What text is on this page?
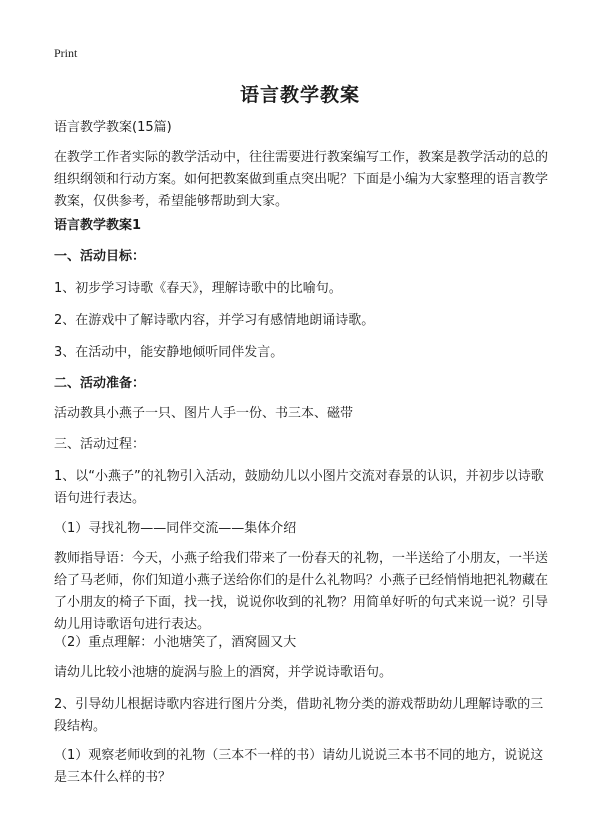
Print
语言教学教案
语言教学教案(15篇)
在教学工作者实际的教学活动中，往往需要进行教案编写工作，教案是教学活动的总的组织纲领和行动方案。如何把教案做到重点突出呢？下面是小编为大家整理的语言教学教案，仅供参考，希望能够帮助到大家。
语言教学教案1
一、活动目标：
1、初步学习诗歌《春天》，理解诗歌中的比喻句。
2、在游戏中了解诗歌内容，并学习有感情地朗诵诗歌。
3、在活动中，能安静地倾听同伴发言。
二、活动准备：
活动教具小燕子一只、图片人手一份、书三本、磁带
三、活动过程：
1、以“小燕子”的礼物引入活动，鼓励幼儿以小图片交流对春景的认识，并初步以诗歌语句进行表达。
（1）寻找礼物——同伴交流——集体介绍
教师指导语：今天，小燕子给我们带来了一份春天的礼物，一半送给了小朋友，一半送给了马老师，你们知道小燕子送给你们的是什么礼物吗？小燕子已经悄悄地把礼物藏在了小朋友的椅子下面，找一找，说说你收到的礼物？用简单好听的句式来说一说？引导幼儿用诗歌语句进行表达。
（2）重点理解：小池塘笑了，酒窝圆又大
请幼儿比较小池塘的旋涡与脸上的酒窝，并学说诗歌语句。
2、引导幼儿根据诗歌内容进行图片分类，借助礼物分类的游戏帮助幼儿理解诗歌的三段结构。
（1）观察老师收到的礼物（三本不一样的书）请幼儿说说三本书不同的地方，说说这是三本什么样的书？
